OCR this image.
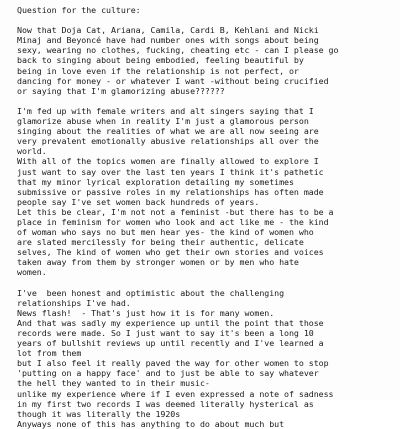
Question for the culture:
Now that Doja Cat, Ariana, Camila, Cardi B, Kehlani and Nicki
Minaj and Beyoncé have had number ones with songs about being
sexy, wearing no clothes, fucking, cheating etc - can I please go
back to singing about being embodied, feeling beautiful by
being in love even if the relationship is not perfect, or
dancing for money - or whatever I want -without being crucified
or saying that I'm glamorizing abuse??????
I'm fed up with female writers and alt singers saying that I
glamorize abuse when in reality I'm just a glamorous person
singing about the realities of what we are all now seeing are
very prevalent emotionally abusive relationships all over the
world.
With all of the topics women are finally allowed to explore I
just want to say over the last ten years I think it's pathetic
that my minor lyrical exploration detailing my sometimes
submissive or passive roles in my relationships has often made
people say I've set women back hundreds of years.
Let this be clear, I'm not not a feminist -but there has to be a
place in feminism for women who look and act like me - the kind
of woman who says no but men hear yes- the kind of women who
are slated mercilessly for being their authentic, delicate
selves, The kind of women who get their own stories and voices
taken away from them by stronger women or by men who hate
women.
I've  been honest and optimistic about the challenging
relationships I've had.
News flash!  - That's just how it is for many women.
And that was sadly my experience up until the point that those
records were made. So I just want to say it's been a long 10
years of bullshit reviews up until recently and I've learned a
lot from them
but I also feel it really paved the way for other women to stop
'putting on a happy face' and to just be able to say whatever
the hell they wanted to in their music-
unlike my experience where if I even expressed a note of sadness
in my first two records I was deemed literally hysterical as
though it was literally the 1920s
Anyways none of this has anything to do about much but
